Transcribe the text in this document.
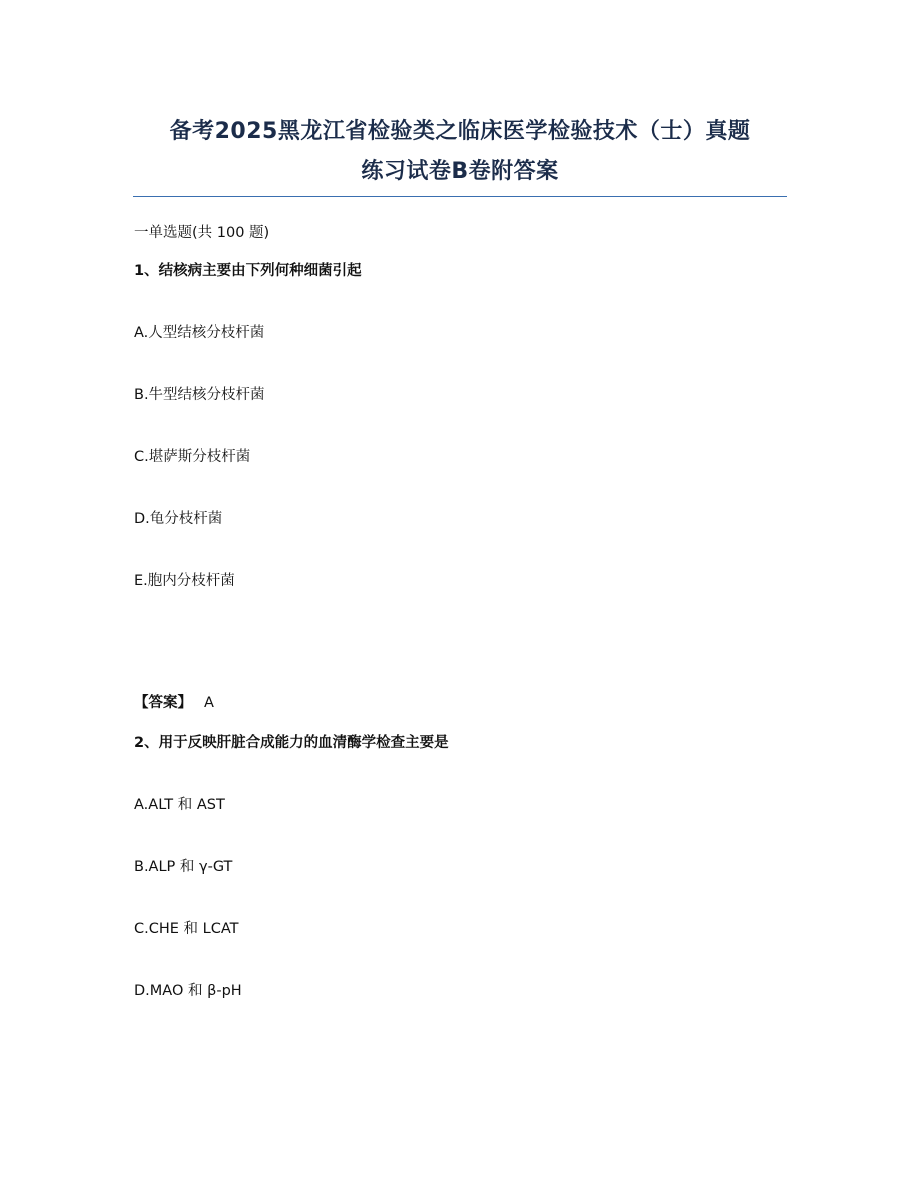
备考2025黑龙江省检验类之临床医学检验技术（士）真题
练习试卷B卷附答案
一单选题(共 100 题)
1、结核病主要由下列何种细菌引起
A.人型结核分枝杆菌
B.牛型结核分枝杆菌
C.堪萨斯分枝杆菌
D.龟分枝杆菌
E.胞内分枝杆菌
【答案】 A
2、用于反映肝脏合成能力的血清酶学检查主要是
A.ALT 和 AST
B.ALP 和 γ-GT
C.CHE 和 LCAT
D.MAO 和 β-pH
